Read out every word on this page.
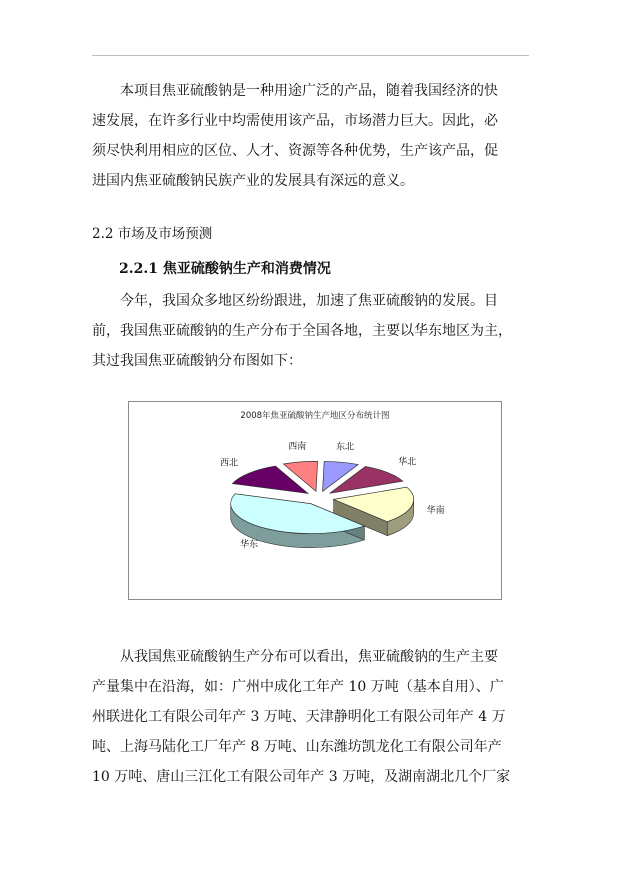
本项目焦亚硫酸钠是一种用途广泛的产品，随着我国经济的快
速发展，在许多行业中均需使用该产品，市场潜力巨大。因此，必
须尽快利用相应的区位、人才、资源等各种优势，生产该产品，促
进国内焦亚硫酸钠民族产业的发展具有深远的意义。
2.2 市场及市场预测
2.2.1 焦亚硫酸钠生产和消费情况
今年，我国众多地区纷纷跟进，加速了焦亚硫酸钠的发展。目
前，我国焦亚硫酸钠的生产分布于全国各地，主要以华东地区为主，
其过我国焦亚硫酸钠分布图如下：
2008年焦亚硫酸钠生产地区分布统计图
东北
华北
华南
华东
西北
西南
从我国焦亚硫酸钠生产分布可以看出，焦亚硫酸钠的生产主要
产量集中在沿海，如：广州中成化工年产 10 万吨（基本自用）、广
州联进化工有限公司年产 3 万吨、天津静明化工有限公司年产 4 万
吨、上海马陆化工厂年产 8 万吨、山东潍坊凯龙化工有限公司年产
10 万吨、唐山三江化工有限公司年产 3 万吨，及湖南湖北几个厂家
